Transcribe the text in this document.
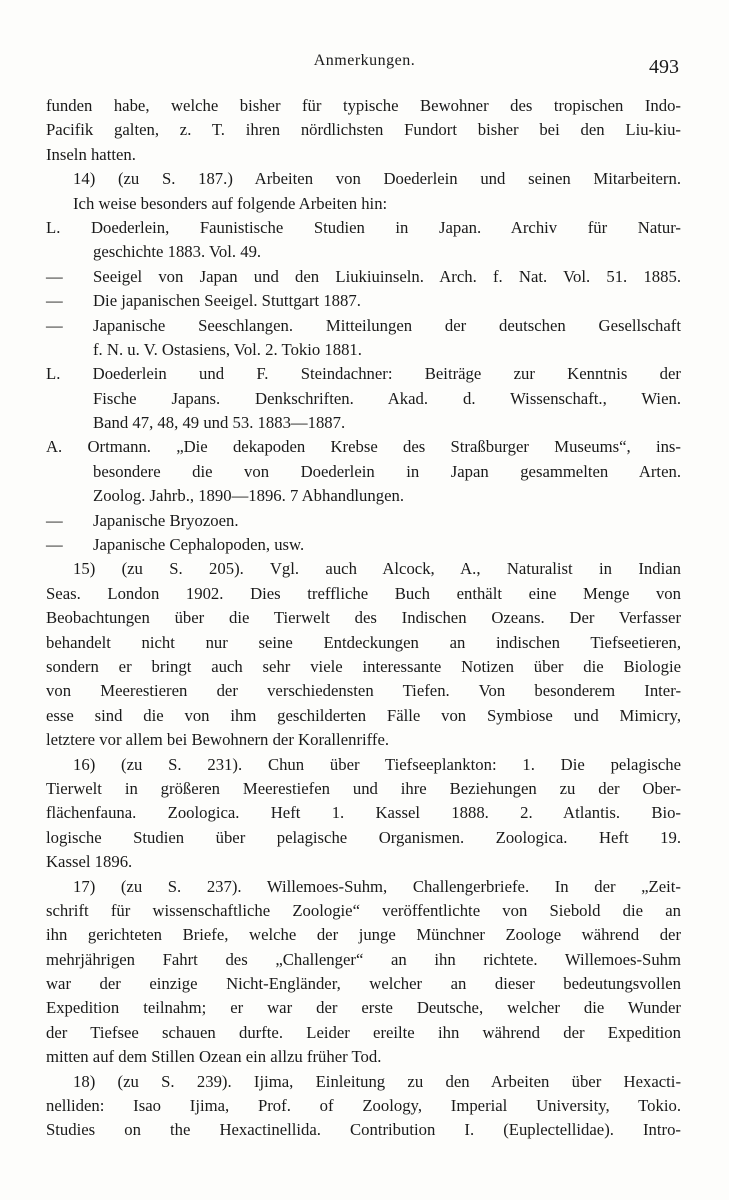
Anmerkungen.	493
funden habe, welche bisher für typische Bewohner des tropischen Indo-
Pacifik galten, z. T. ihren nördlichsten Fundort bisher bei den Liu-kiu-
Inseln hatten.
14) (zu S. 187.) Arbeiten von Doederlein und seinen Mitarbeitern.
Ich weise besonders auf folgende Arbeiten hin:
L. Doederlein, Faunistische Studien in Japan. Archiv für Natur-
geschichte 1883. Vol. 49.
— Seeigel von Japan und den Liukiuinseln. Arch. f. Nat. Vol. 51. 1885.
— Die japanischen Seeigel. Stuttgart 1887.
— Japanische Seeschlangen. Mitteilungen der deutschen Gesellschaft
f. N. u. V. Ostasiens, Vol. 2. Tokio 1881.
L. Doederlein und F. Steindachner: Beiträge zur Kenntnis der
Fische Japans. Denkschriften. Akad. d. Wissenschaft., Wien.
Band 47, 48, 49 und 53. 1883—1887.
A. Ortmann. „Die dekapoden Krebse des Straßburger Museums“, ins-
besondere die von Doederlein in Japan gesammelten Arten.
Zoolog. Jahrb., 1890—1896. 7 Abhandlungen.
— Japanische Bryozoen.
— Japanische Cephalopoden, usw.
15) (zu S. 205). Vgl. auch Alcock, A., Naturalist in Indian
Seas. London 1902. Dies treffliche Buch enthält eine Menge von
Beobachtungen über die Tierwelt des Indischen Ozeans. Der Verfasser
behandelt nicht nur seine Entdeckungen an indischen Tiefseetieren,
sondern er bringt auch sehr viele interessante Notizen über die Biologie
von Meerestieren der verschiedensten Tiefen. Von besonderem Inter-
esse sind die von ihm geschilderten Fälle von Symbiose und Mimicry,
letztere vor allem bei Bewohnern der Korallenriffe.
16) (zu S. 231). Chun über Tiefseeplankton: 1. Die pelagische
Tierwelt in größeren Meerestiefen und ihre Beziehungen zu der Ober-
flächenfauna. Zoologica. Heft 1. Kassel 1888. 2. Atlantis. Bio-
logische Studien über pelagische Organismen. Zoologica. Heft 19.
Kassel 1896.
17) (zu S. 237). Willemoes-Suhm, Challengerbriefe. In der „Zeit-
schrift für wissenschaftliche Zoologie“ veröffentlichte von Siebold die an
ihn gerichteten Briefe, welche der junge Münchner Zoologe während der
mehrjährigen Fahrt des „Challenger“ an ihn richtete. Willemoes-Suhm
war der einzige Nicht-Engländer, welcher an dieser bedeutungsvollen
Expedition teilnahm; er war der erste Deutsche, welcher die Wunder
der Tiefsee schauen durfte. Leider ereilte ihn während der Expedition
mitten auf dem Stillen Ozean ein allzu früher Tod.
18) (zu S. 239). Ijima, Einleitung zu den Arbeiten über Hexacti-
nelliden: Isao Ijima, Prof. of Zoology, Imperial University, Tokio.
Studies on the Hexactinellida. Contribution I. (Euplectellidae). Intro-
